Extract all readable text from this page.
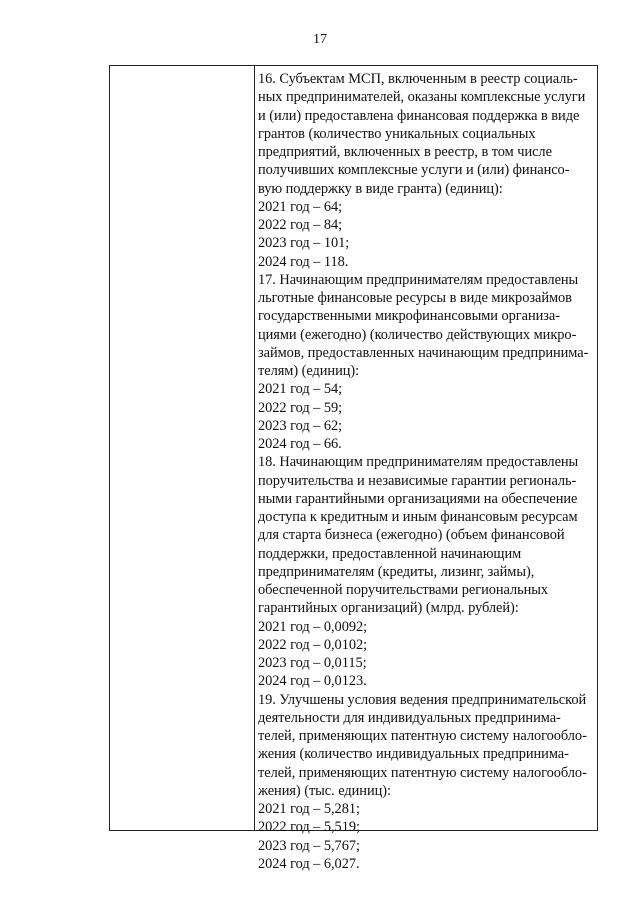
17
16. Субъектам МСП, включенным в реестр социаль-
ных предпринимателей, оказаны комплексные услуги
и (или) предоставлена финансовая поддержка в виде
грантов (количество уникальных социальных
предприятий, включенных в реестр, в том числе
получивших комплексные услуги и (или) финансо-
вую поддержку в виде гранта) (единиц):
2021 год – 64;
2022 год – 84;
2023 год – 101;
2024 год – 118.
17. Начинающим предпринимателям предоставлены
льготные финансовые ресурсы в виде микрозаймов
государственными микрофинансовыми организа-
циями (ежегодно) (количество действующих микро-
займов, предоставленных начинающим предпринима-
телям) (единиц):
2021 год – 54;
2022 год – 59;
2023 год – 62;
2024 год – 66.
18. Начинающим предпринимателям предоставлены
поручительства и независимые гарантии региональ-
ными гарантийными организациями на обеспечение
доступа к кредитным и иным финансовым ресурсам
для старта бизнеса (ежегодно) (объем финансовой
поддержки, предоставленной начинающим
предпринимателям (кредиты, лизинг, займы),
обеспеченной поручительствами региональных
гарантийных организаций) (млрд. рублей):
2021 год – 0,0092;
2022 год – 0,0102;
2023 год – 0,0115;
2024 год – 0,0123.
19. Улучшены условия ведения предпринимательской
деятельности для индивидуальных предпринима-
телей, применяющих патентную систему налогообло-
жения (количество индивидуальных предпринима-
телей, применяющих патентную систему налогообло-
жения) (тыс. единиц):
2021 год – 5,281;
2022 год – 5,519;
2023 год – 5,767;
2024 год – 6,027.
